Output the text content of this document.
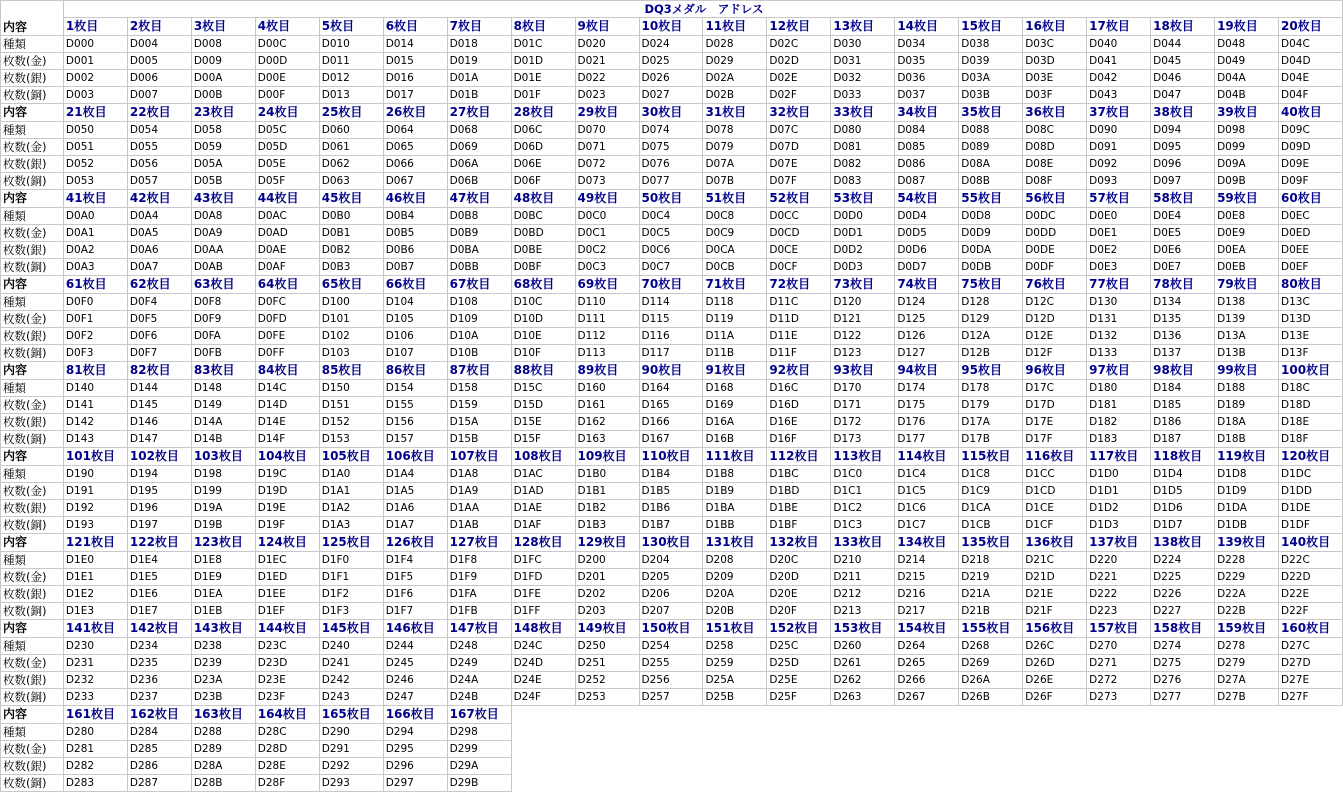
内容	DQ3メダル　アドレス																			
	1枚目	2枚目	3枚目	4枚目	5枚目	6枚目	7枚目	8枚目	9枚目	10枚目	11枚目	12枚目	13枚目	14枚目	15枚目	16枚目	17枚目	18枚目	19枚目	20枚目
種類	D000	D004	D008	D00C	D010	D014	D018	D01C	D020	D024	D028	D02C	D030	D034	D038	D03C	D040	D044	D048	D04C
枚数(金)	D001	D005	D009	D00D	D011	D015	D019	D01D	D021	D025	D029	D02D	D031	D035	D039	D03D	D041	D045	D049	D04D
枚数(銀)	D002	D006	D00A	D00E	D012	D016	D01A	D01E	D022	D026	D02A	D02E	D032	D036	D03A	D03E	D042	D046	D04A	D04E
枚数(銅)	D003	D007	D00B	D00F	D013	D017	D01B	D01F	D023	D027	D02B	D02F	D033	D037	D03B	D03F	D043	D047	D04B	D04F
内容	21枚目	22枚目	23枚目	24枚目	25枚目	26枚目	27枚目	28枚目	29枚目	30枚目	31枚目	32枚目	33枚目	34枚目	35枚目	36枚目	37枚目	38枚目	39枚目	40枚目
種類	D050	D054	D058	D05C	D060	D064	D068	D06C	D070	D074	D078	D07C	D080	D084	D088	D08C	D090	D094	D098	D09C
枚数(金)	D051	D055	D059	D05D	D061	D065	D069	D06D	D071	D075	D079	D07D	D081	D085	D089	D08D	D091	D095	D099	D09D
枚数(銀)	D052	D056	D05A	D05E	D062	D066	D06A	D06E	D072	D076	D07A	D07E	D082	D086	D08A	D08E	D092	D096	D09A	D09E
枚数(銅)	D053	D057	D05B	D05F	D063	D067	D06B	D06F	D073	D077	D07B	D07F	D083	D087	D08B	D08F	D093	D097	D09B	D09F
内容	41枚目	42枚目	43枚目	44枚目	45枚目	46枚目	47枚目	48枚目	49枚目	50枚目	51枚目	52枚目	53枚目	54枚目	55枚目	56枚目	57枚目	58枚目	59枚目	60枚目
種類	D0A0	D0A4	D0A8	D0AC	D0B0	D0B4	D0B8	D0BC	D0C0	D0C4	D0C8	D0CC	D0D0	D0D4	D0D8	D0DC	D0E0	D0E4	D0E8	D0EC
枚数(金)	D0A1	D0A5	D0A9	D0AD	D0B1	D0B5	D0B9	D0BD	D0C1	D0C5	D0C9	D0CD	D0D1	D0D5	D0D9	D0DD	D0E1	D0E5	D0E9	D0ED
枚数(銀)	D0A2	D0A6	D0AA	D0AE	D0B2	D0B6	D0BA	D0BE	D0C2	D0C6	D0CA	D0CE	D0D2	D0D6	D0DA	D0DE	D0E2	D0E6	D0EA	D0EE
枚数(銅)	D0A3	D0A7	D0AB	D0AF	D0B3	D0B7	D0BB	D0BF	D0C3	D0C7	D0CB	D0CF	D0D3	D0D7	D0DB	D0DF	D0E3	D0E7	D0EB	D0EF
内容	61枚目	62枚目	63枚目	64枚目	65枚目	66枚目	67枚目	68枚目	69枚目	70枚目	71枚目	72枚目	73枚目	74枚目	75枚目	76枚目	77枚目	78枚目	79枚目	80枚目
種類	D0F0	D0F4	D0F8	D0FC	D100	D104	D108	D10C	D110	D114	D118	D11C	D120	D124	D128	D12C	D130	D134	D138	D13C
枚数(金)	D0F1	D0F5	D0F9	D0FD	D101	D105	D109	D10D	D111	D115	D119	D11D	D121	D125	D129	D12D	D131	D135	D139	D13D
枚数(銀)	D0F2	D0F6	D0FA	D0FE	D102	D106	D10A	D10E	D112	D116	D11A	D11E	D122	D126	D12A	D12E	D132	D136	D13A	D13E
枚数(銅)	D0F3	D0F7	D0FB	D0FF	D103	D107	D10B	D10F	D113	D117	D11B	D11F	D123	D127	D12B	D12F	D133	D137	D13B	D13F
内容	81枚目	82枚目	83枚目	84枚目	85枚目	86枚目	87枚目	88枚目	89枚目	90枚目	91枚目	92枚目	93枚目	94枚目	95枚目	96枚目	97枚目	98枚目	99枚目	100枚目
種類	D140	D144	D148	D14C	D150	D154	D158	D15C	D160	D164	D168	D16C	D170	D174	D178	D17C	D180	D184	D188	D18C
枚数(金)	D141	D145	D149	D14D	D151	D155	D159	D15D	D161	D165	D169	D16D	D171	D175	D179	D17D	D181	D185	D189	D18D
枚数(銀)	D142	D146	D14A	D14E	D152	D156	D15A	D15E	D162	D166	D16A	D16E	D172	D176	D17A	D17E	D182	D186	D18A	D18E
枚数(銅)	D143	D147	D14B	D14F	D153	D157	D15B	D15F	D163	D167	D16B	D16F	D173	D177	D17B	D17F	D183	D187	D18B	D18F
内容	101枚目	102枚目	103枚目	104枚目	105枚目	106枚目	107枚目	108枚目	109枚目	110枚目	111枚目	112枚目	113枚目	114枚目	115枚目	116枚目	117枚目	118枚目	119枚目	120枚目
種類	D190	D194	D198	D19C	D1A0	D1A4	D1A8	D1AC	D1B0	D1B4	D1B8	D1BC	D1C0	D1C4	D1C8	D1CC	D1D0	D1D4	D1D8	D1DC
枚数(金)	D191	D195	D199	D19D	D1A1	D1A5	D1A9	D1AD	D1B1	D1B5	D1B9	D1BD	D1C1	D1C5	D1C9	D1CD	D1D1	D1D5	D1D9	D1DD
枚数(銀)	D192	D196	D19A	D19E	D1A2	D1A6	D1AA	D1AE	D1B2	D1B6	D1BA	D1BE	D1C2	D1C6	D1CA	D1CE	D1D2	D1D6	D1DA	D1DE
枚数(銅)	D193	D197	D19B	D19F	D1A3	D1A7	D1AB	D1AF	D1B3	D1B7	D1BB	D1BF	D1C3	D1C7	D1CB	D1CF	D1D3	D1D7	D1DB	D1DF
内容	121枚目	122枚目	123枚目	124枚目	125枚目	126枚目	127枚目	128枚目	129枚目	130枚目	131枚目	132枚目	133枚目	134枚目	135枚目	136枚目	137枚目	138枚目	139枚目	140枚目
種類	D1E0	D1E4	D1E8	D1EC	D1F0	D1F4	D1F8	D1FC	D200	D204	D208	D20C	D210	D214	D218	D21C	D220	D224	D228	D22C
枚数(金)	D1E1	D1E5	D1E9	D1ED	D1F1	D1F5	D1F9	D1FD	D201	D205	D209	D20D	D211	D215	D219	D21D	D221	D225	D229	D22D
枚数(銀)	D1E2	D1E6	D1EA	D1EE	D1F2	D1F6	D1FA	D1FE	D202	D206	D20A	D20E	D212	D216	D21A	D21E	D222	D226	D22A	D22E
枚数(銅)	D1E3	D1E7	D1EB	D1EF	D1F3	D1F7	D1FB	D1FF	D203	D207	D20B	D20F	D213	D217	D21B	D21F	D223	D227	D22B	D22F
内容	141枚目	142枚目	143枚目	144枚目	145枚目	146枚目	147枚目	148枚目	149枚目	150枚目	151枚目	152枚目	153枚目	154枚目	155枚目	156枚目	157枚目	158枚目	159枚目	160枚目
種類	D230	D234	D238	D23C	D240	D244	D248	D24C	D250	D254	D258	D25C	D260	D264	D268	D26C	D270	D274	D278	D27C
枚数(金)	D231	D235	D239	D23D	D241	D245	D249	D24D	D251	D255	D259	D25D	D261	D265	D269	D26D	D271	D275	D279	D27D
枚数(銀)	D232	D236	D23A	D23E	D242	D246	D24A	D24E	D252	D256	D25A	D25E	D262	D266	D26A	D26E	D272	D276	D27A	D27E
枚数(銅)	D233	D237	D23B	D23F	D243	D247	D24B	D24F	D253	D257	D25B	D25F	D263	D267	D26B	D26F	D273	D277	D27B	D27F
内容	161枚目	162枚目	163枚目	164枚目	165枚目	166枚目	167枚目													
種類	D280	D284	D288	D28C	D290	D294	D298													
枚数(金)	D281	D285	D289	D28D	D291	D295	D299													
枚数(銀)	D282	D286	D28A	D28E	D292	D296	D29A													
枚数(銅)	D283	D287	D28B	D28F	D293	D297	D29B													
